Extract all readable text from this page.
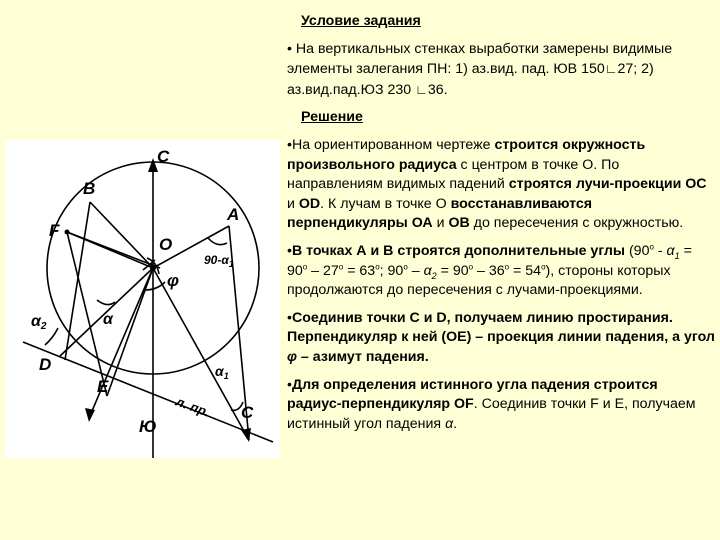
С
В
F
A
O
$90-\alpha_1$
φ
α
α2
D
E
Ю
л. пр. C
$\alpha_1$
Условие задания

• На вертикальных стенках выработки замерены видимые элементы залегания ПН: 1) аз.вид. пад. ЮВ 150∟27; 2) аз.вид.пад.ЮЗ 230 ∟36.

Решение

•На ориентированном чертеже строится окружность произвольного радиуса с центром в точке О. По направлениям видимых падений строятся лучи-проекции ОС и OD. К лучам в точке О восстанавливаются перпендикуляры ОА и ОВ до пересечения с окружностью.

•В точках А и В строятся дополнительные углы ($90^o - \alpha_1 = 90^o - 27^o = 63^o$; $90^o - \alpha_2 = 90^o - 36^o = 54^o$), стороны которых продолжаются до пересечения с лучами-проекциями.

•Соединив точки С и D, получаем линию простирания. Перпендикуляр к ней (ОЕ) – проекция линии падения, а угол φ – азимут падения.

•Для определения истинного угла падения строится радиус-перпендикуляр OF. Соединив точки F и Е, получаем истинный угол падения α.
